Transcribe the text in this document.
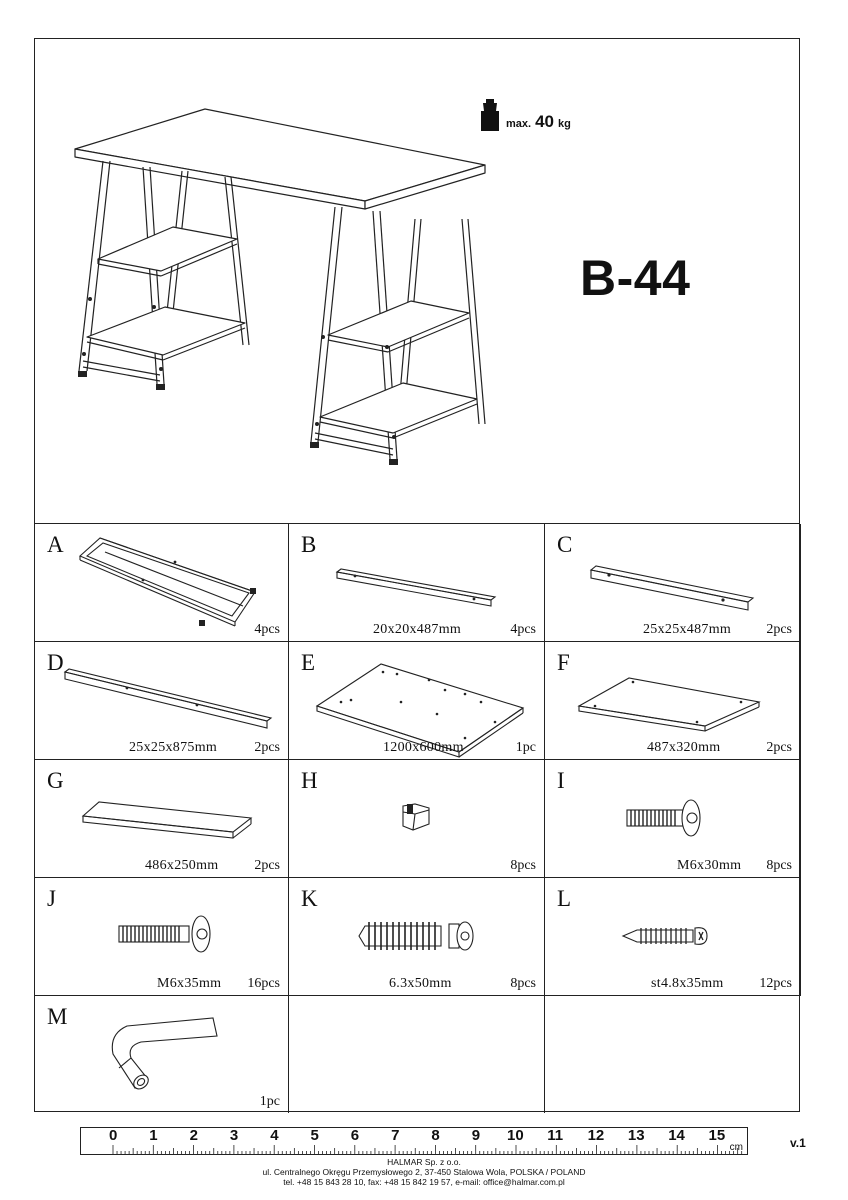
max. 40 kg
B-44
A
4pcs
B
20x20x487mm	4pcs
C
25x25x487mm	2pcs
D
25x25x875mm	2pcs
E
1200x600mm	1pc
F
487x320mm	2pcs
G
486x250mm	2pcs
H
8pcs
I
M6x30mm 8pcs
J
M6x35mm 16pcs
K
6.3x50mm	8pcs
L
st4.8x35mm	12pcs
M
1pc
0 1 2 3 4 5 6 7 8 9 10 11 12 13 14 15
cm	v.1
HALMAR Sp. z o.o.
ul. Centralnego Okręgu Przemysłowego 2, 37-450 Stalowa Wola, POLSKA / POLAND
tel. +48 15 843 28 10, fax: +48 15 842 19 57, e-mail: office@halmar.com.pl
